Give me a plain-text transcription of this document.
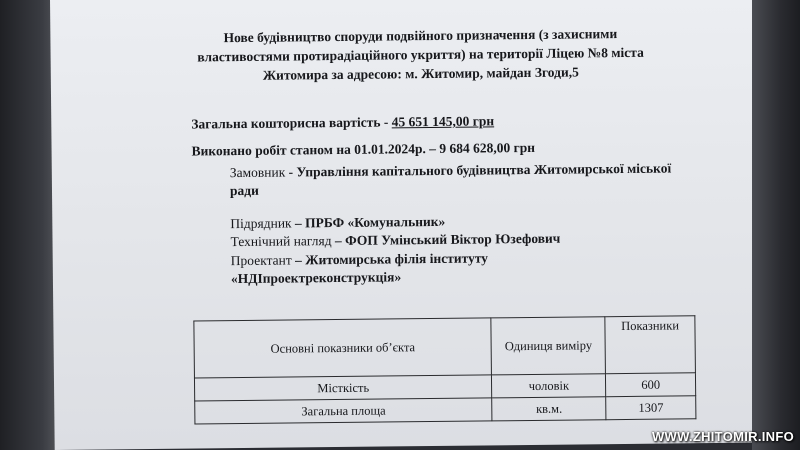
Нове будівництво споруди подвійного призначення (з захисними
властивостями протирадіаційного укриття) на території Ліцею №8 міста
Житомира за адресою: м. Житомир, майдан Згоди,5
Загальна кошторисна вартість - 45 651 145,00 грн
Виконано робіт станом на 01.01.2024р. – 9 684 628,00 грн
Замовник - Управління капітального будівництва Житомирської міської ради
Підрядник – ПРБФ «Комунальник»
Технічний нагляд – ФОП Умінський Віктор Юзефович
Проектант – Житомирська філія інституту «НДІпроектреконструкція»
Основні показники об’єкта	Одиниця виміру	Показники
Місткість	чоловік	600
Загальна площа	кв.м.	1307
WWW.ZHITOMIR.INFO
